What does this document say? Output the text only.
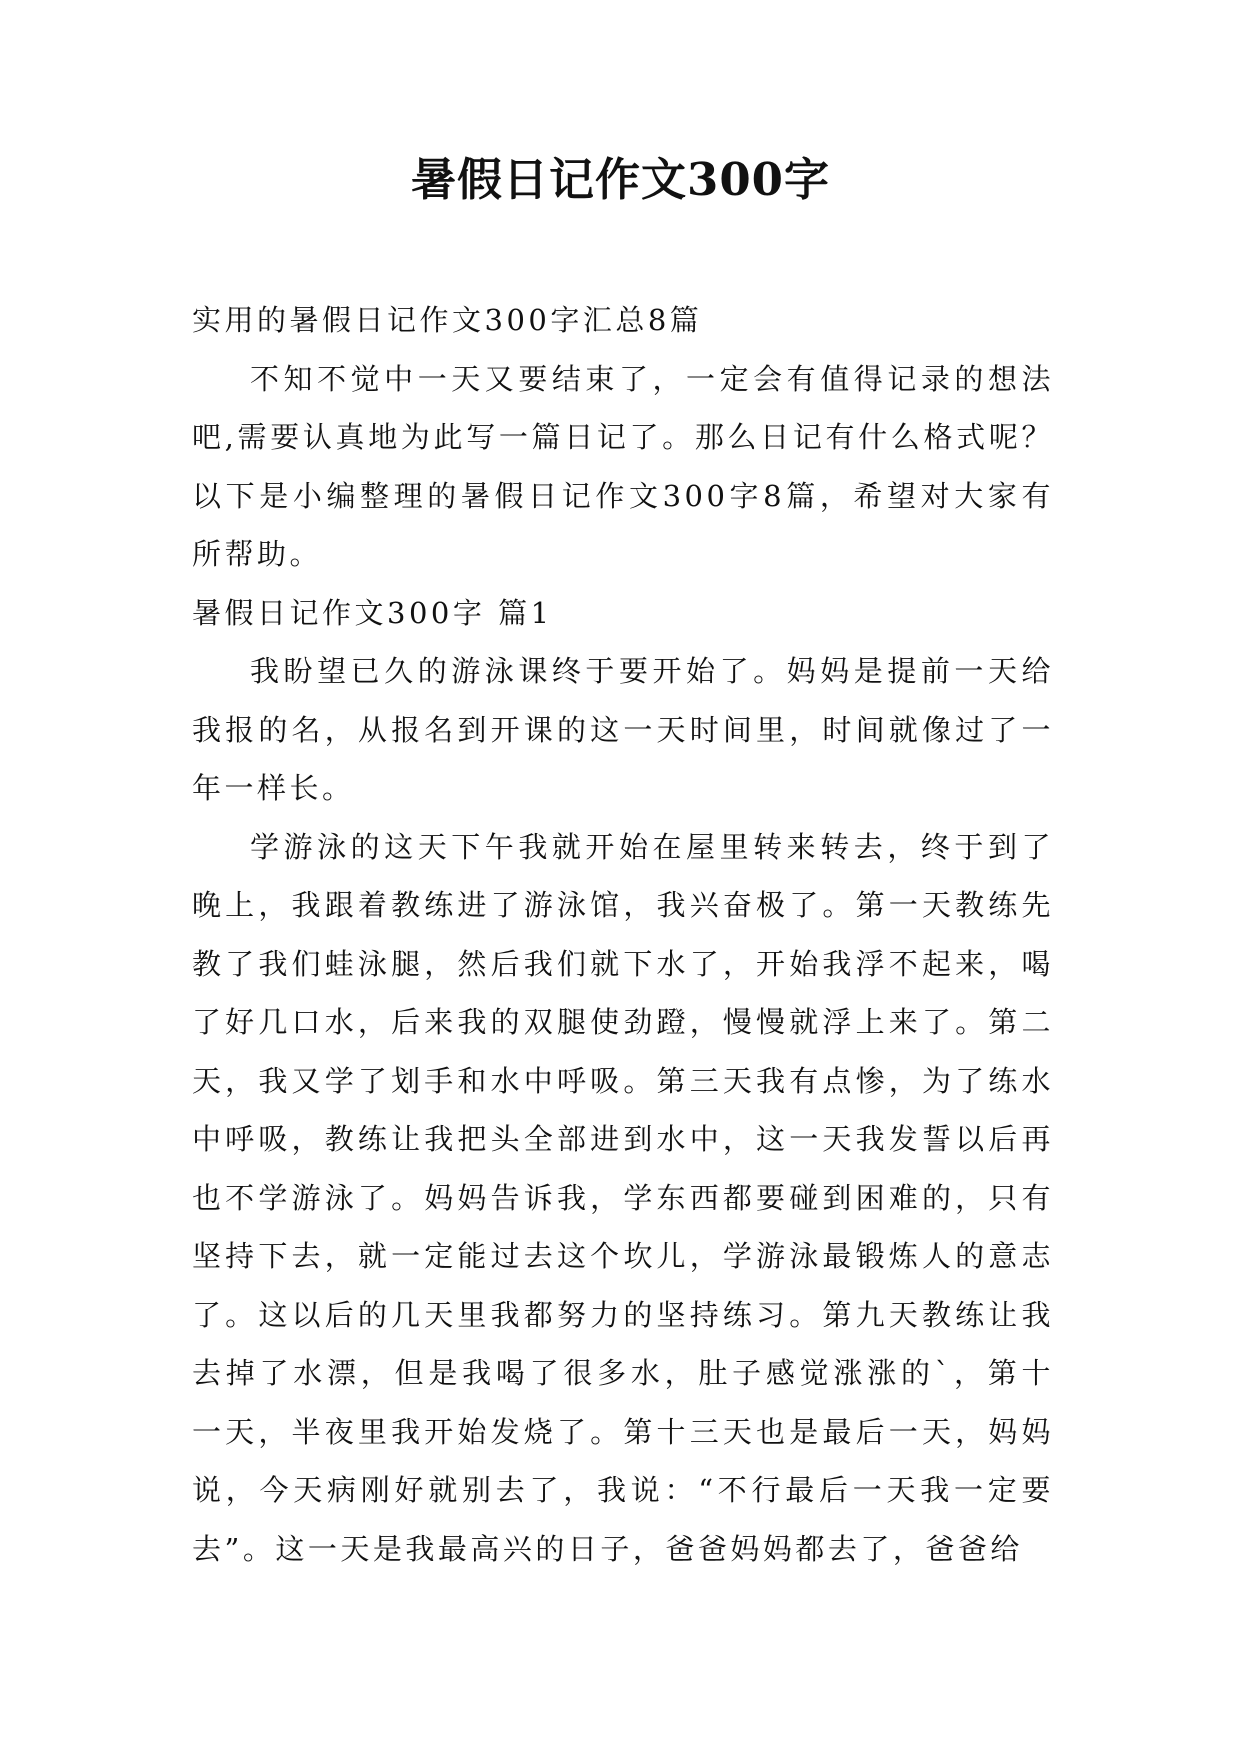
暑假日记作文300字

实用的暑假日记作文300字汇总8篇

不知不觉中一天又要结束了，一定会有值得记录的想法吧,需要认真地为此写一篇日记了。那么日记有什么格式呢？以下是小编整理的暑假日记作文300字8篇，希望对大家有所帮助。

暑假日记作文300字 篇1

我盼望已久的游泳课终于要开始了。妈妈是提前一天给我报的名，从报名到开课的这一天时间里，时间就像过了一年一样长。

学游泳的这天下午我就开始在屋里转来转去，终于到了晚上，我跟着教练进了游泳馆，我兴奋极了。第一天教练先教了我们蛙泳腿，然后我们就下水了，开始我浮不起来，喝了好几口水，后来我的双腿使劲蹬，慢慢就浮上来了。第二天，我又学了划手和水中呼吸。第三天我有点惨，为了练水中呼吸，教练让我把头全部进到水中，这一天我发誓以后再也不学游泳了。妈妈告诉我，学东西都要碰到困难的，只有坚持下去，就一定能过去这个坎儿，学游泳最锻炼人的意志了。这以后的几天里我都努力的坚持练习。第九天教练让我去掉了水漂，但是我喝了很多水，肚子感觉涨涨的`，第十一天，半夜里我开始发烧了。第十三天也是最后一天，妈妈说，今天病刚好就别去了，我说：“不行最后一天我一定要去”。这一天是我最高兴的日子，爸爸妈妈都去了，爸爸给
